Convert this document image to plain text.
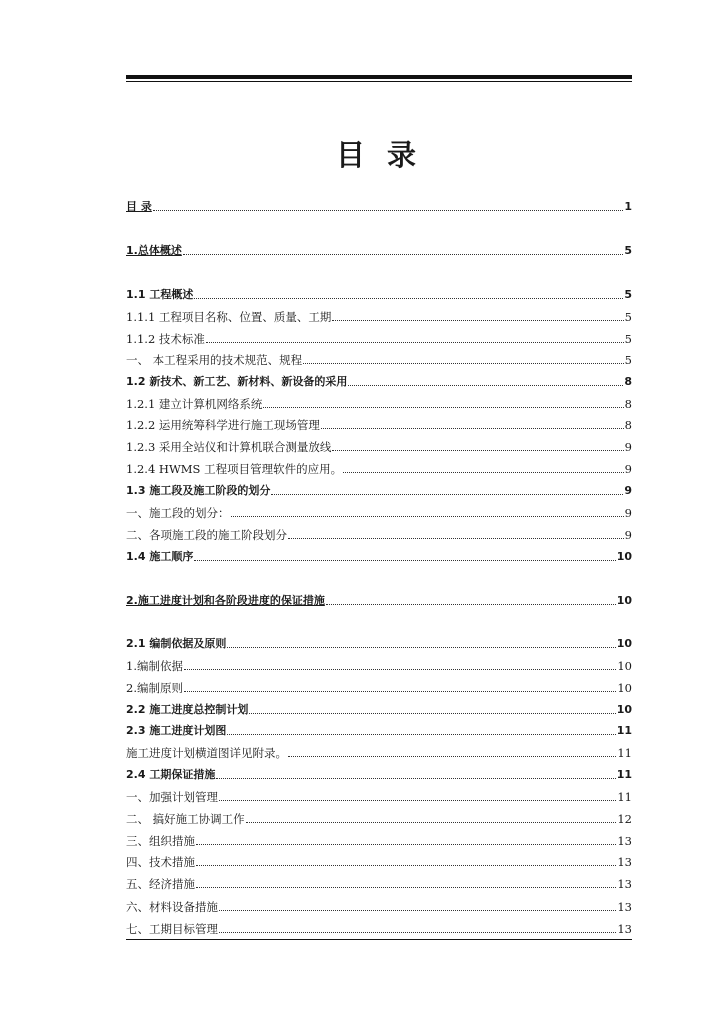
目 录
目 录	1
1.总体概述	5
1.1 工程概述	5
1.1.1 工程项目名称、位置、质量、工期	5
1.1.2 技术标准	5
一、 本工程采用的技术规范、规程	5
1.2 新技术、新工艺、新材料、新设备的采用	8
1.2.1 建立计算机网络系统	8
1.2.2 运用统筹科学进行施工现场管理	8
1.2.3 采用全站仪和计算机联合测量放线	9
1.2.4 HWMS 工程项目管理软件的应用。	9
1.3 施工段及施工阶段的划分	9
一、施工段的划分：	9
二、各项施工段的施工阶段划分	9
1.4 施工顺序	10
2.施工进度计划和各阶段进度的保证措施	10
2.1 编制依据及原则	10
1.编制依据	10
2.编制原则	10
2.2 施工进度总控制计划	10
2.3 施工进度计划图	11
施工进度计划横道图详见附录。	11
2.4 工期保证措施	11
一、加强计划管理	11
二、 搞好施工协调工作	12
三、组织措施	13
四、技术措施	13
五、经济措施	13
六、材料设备措施	13
七、工期目标管理	13
